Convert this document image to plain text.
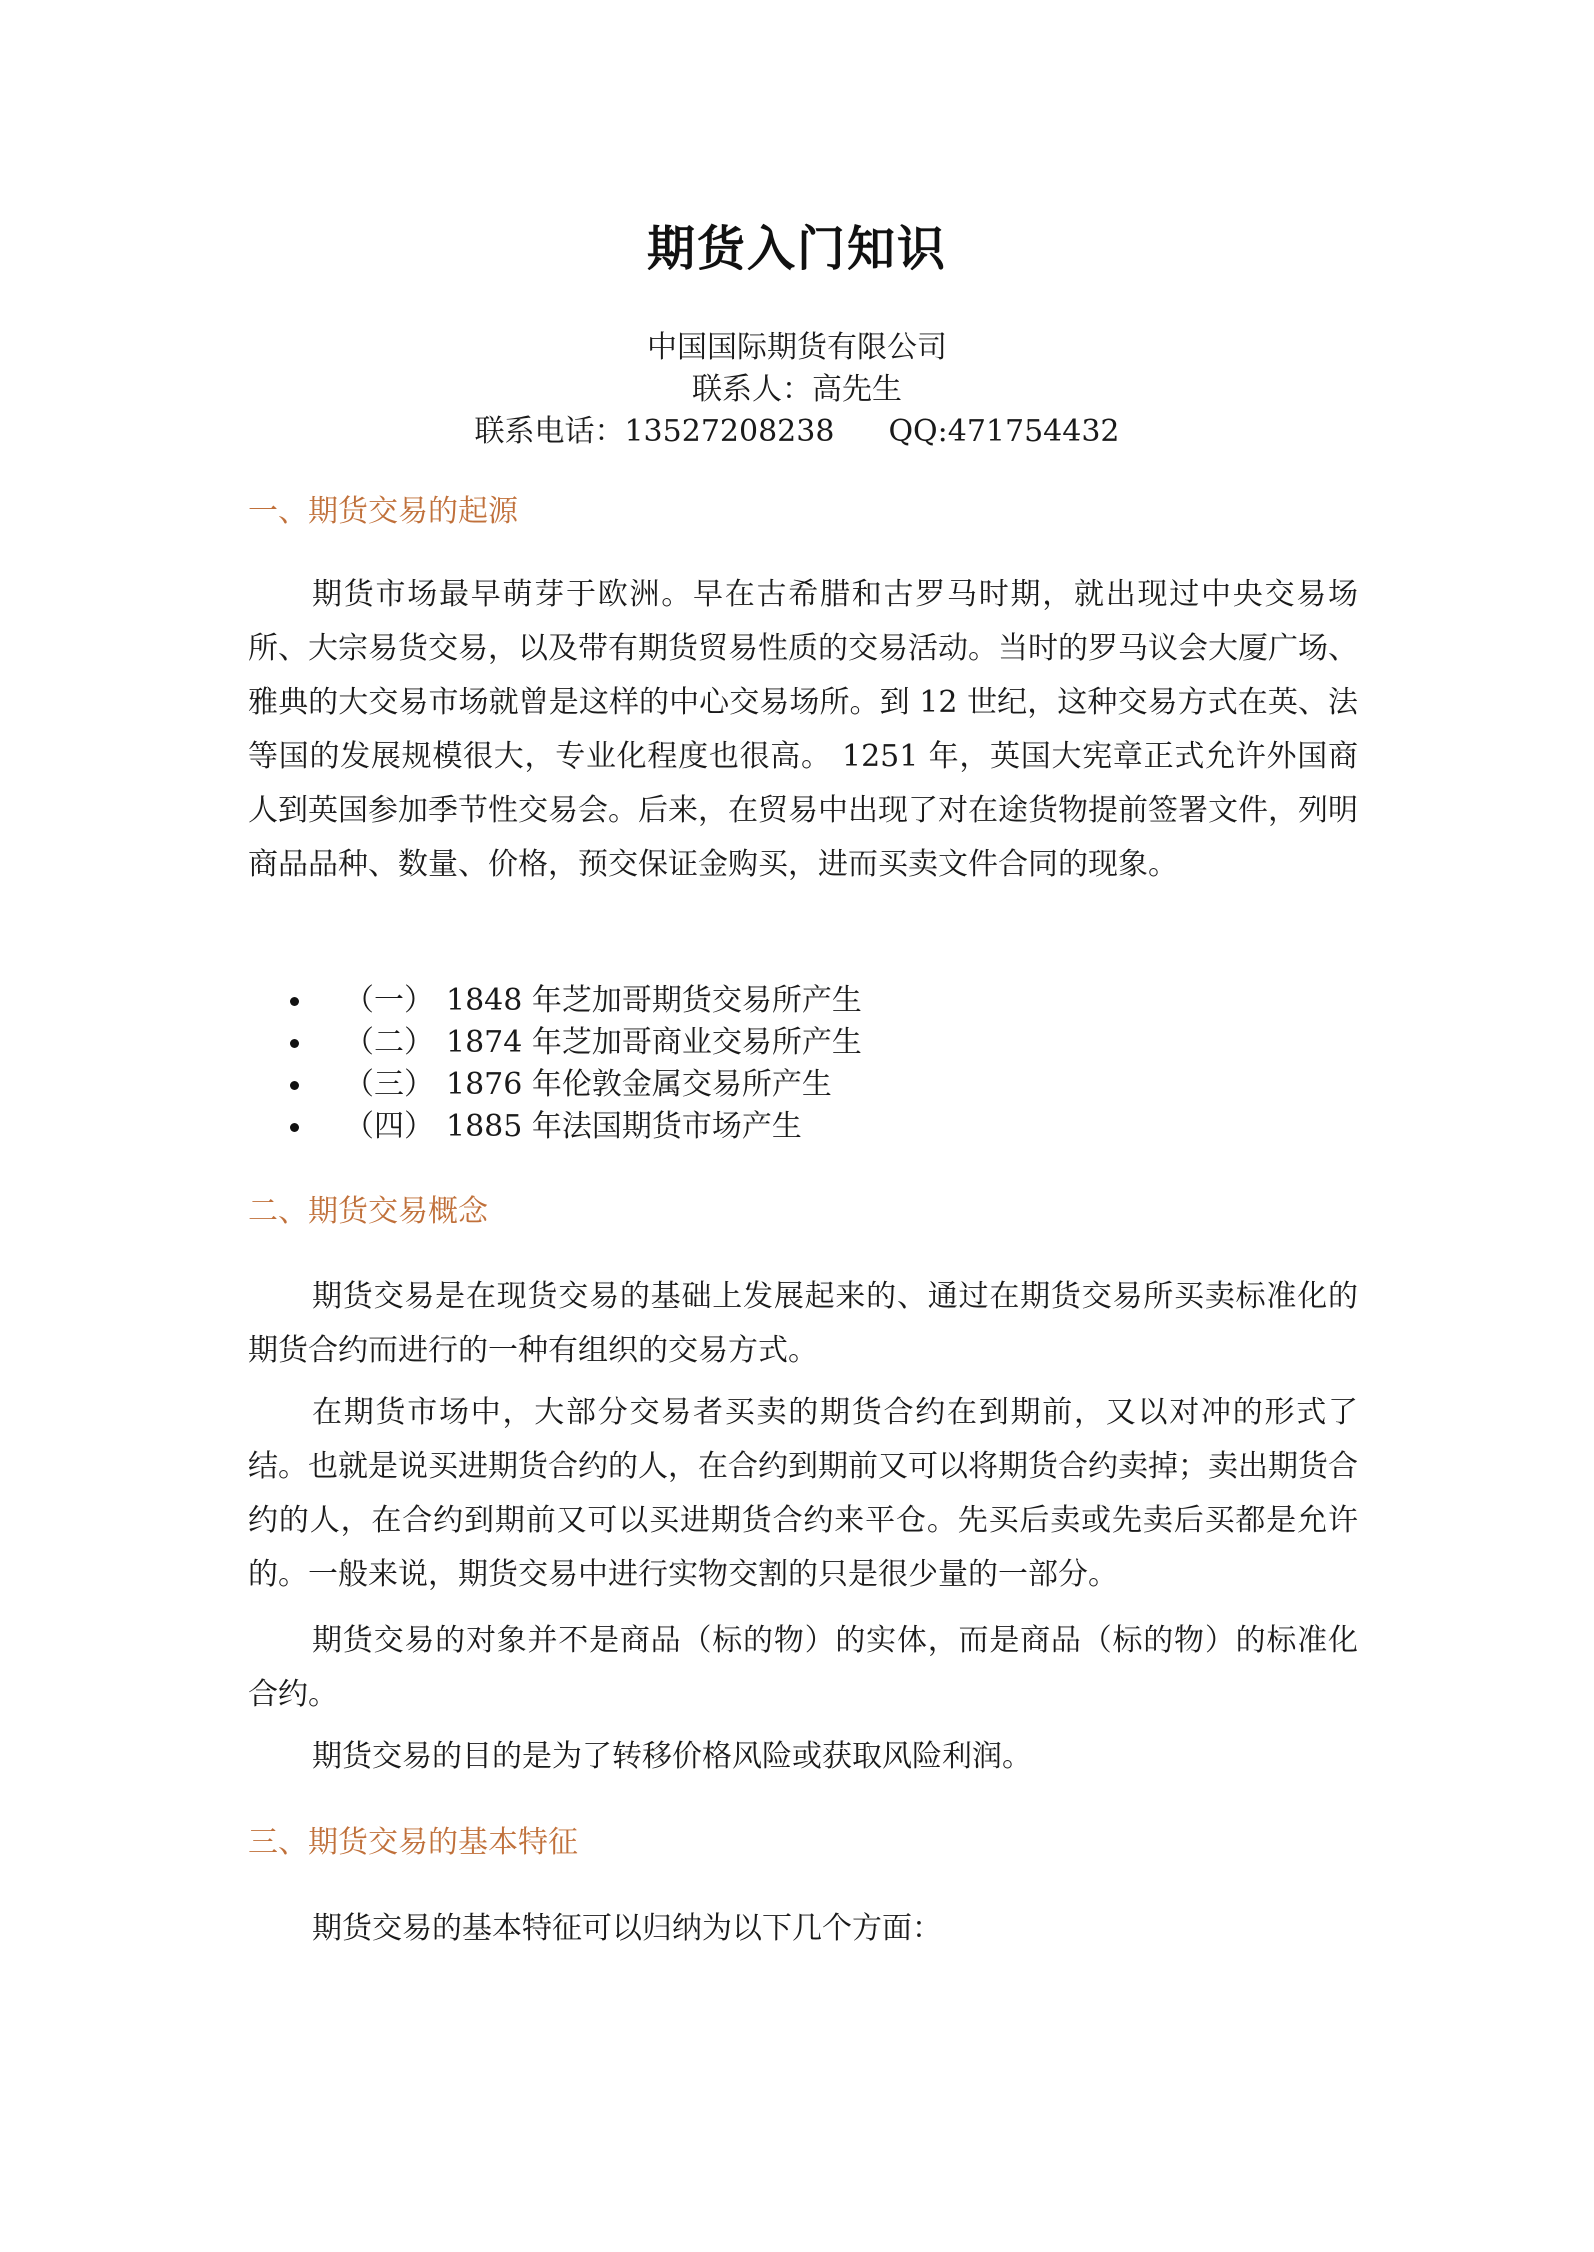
期货入门知识
中国国际期货有限公司
联系人：高先生
联系电话：13527208238 QQ:471754432
一、期货交易的起源

期货市场最早萌芽于欧洲。早在古希腊和古罗马时期，就出现过中央交易场所、大宗易货交易，以及带有期货贸易性质的交易活动。当时的罗马议会大厦广场、雅典的大交易市场就曾是这样的中心交易场所。到 12 世纪，这种交易方式在英、法等国的发展规模很大，专业化程度也很高。 1251 年，英国大宪章正式允许外国商人到英国参加季节性交易会。后来，在贸易中出现了对在途货物提前签署文件，列明商品品种、数量、价格，预交保证金购买，进而买卖文件合同的现象。

（一） 1848 年芝加哥期货交易所产生
（二） 1874 年芝加哥商业交易所产生
（三） 1876 年伦敦金属交易所产生
（四） 1885 年法国期货市场产生
二、期货交易概念

期货交易是在现货交易的基础上发展起来的、通过在期货交易所买卖标准化的期货合约而进行的一种有组织的交易方式。

在期货市场中，大部分交易者买卖的期货合约在到期前，又以对冲的形式了结。也就是说买进期货合约的人，在合约到期前又可以将期货合约卖掉；卖出期货合约的人，在合约到期前又可以买进期货合约来平仓。先买后卖或先卖后买都是允许的。一般来说，期货交易中进行实物交割的只是很少量的一部分。

期货交易的对象并不是商品（标的物）的实体，而是商品（标的物）的标准化合约。

期货交易的目的是为了转移价格风险或获取风险利润。

三、期货交易的基本特征

期货交易的基本特征可以归纳为以下几个方面：
